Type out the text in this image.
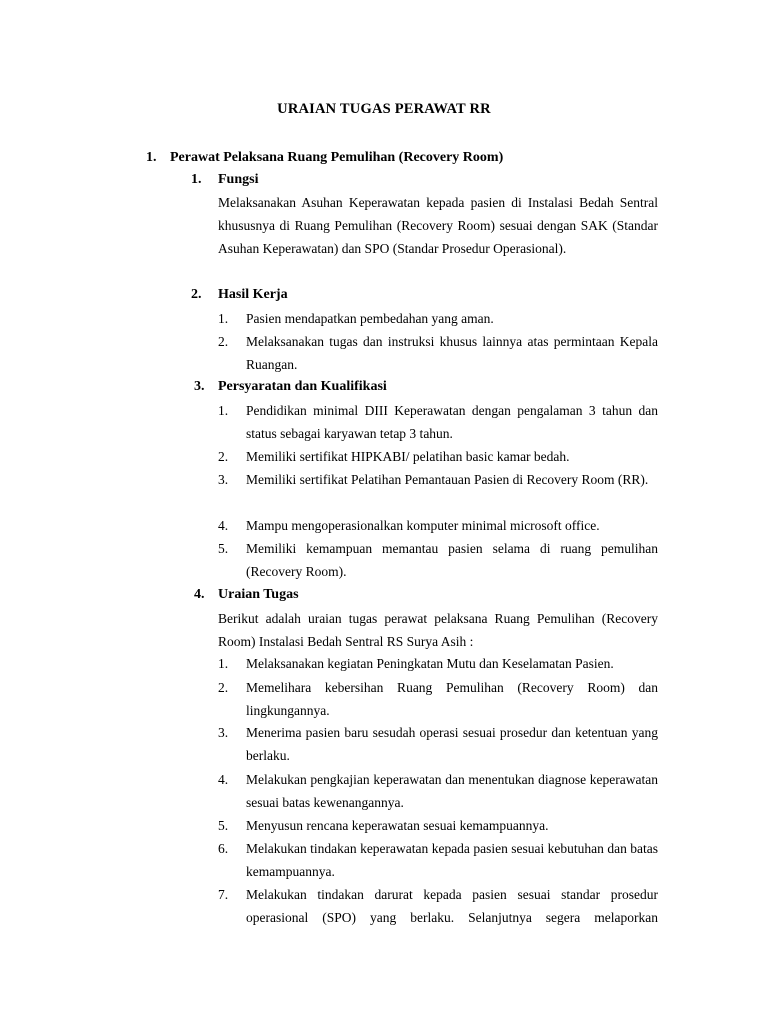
URAIAN TUGAS PERAWAT RR
1. Perawat Pelaksana Ruang Pemulihan (Recovery Room)
1. Fungsi
Melaksanakan Asuhan Keperawatan kepada pasien di Instalasi Bedah Sentral khususnya di Ruang Pemulihan (Recovery Room) sesuai dengan SAK (Standar Asuhan Keperawatan) dan SPO (Standar Prosedur Operasional).
2. Hasil Kerja
1.	Pasien mendapatkan pembedahan yang aman.
2.	Melaksanakan tugas dan instruksi khusus lainnya atas permintaan Kepala Ruangan.
3. Persyaratan dan Kualifikasi
1.	Pendidikan minimal DIII Keperawatan dengan pengalaman 3 tahun dan status sebagai karyawan tetap 3 tahun.
2.	Memiliki sertifikat HIPKABI/ pelatihan basic kamar bedah.
3.	Memiliki sertifikat Pelatihan Pemantauan Pasien di Recovery Room (RR).
4.	Mampu mengoperasionalkan komputer minimal microsoft office.
5.	Memiliki kemampuan memantau pasien selama di ruang pemulihan (Recovery Room).
4. Uraian Tugas
Berikut adalah uraian tugas perawat pelaksana Ruang Pemulihan (Recovery Room) Instalasi Bedah Sentral RS Surya Asih :
1.	Melaksanakan kegiatan Peningkatan Mutu dan Keselamatan Pasien.
2.	Memelihara kebersihan Ruang Pemulihan (Recovery Room) dan lingkungannya.
3.	Menerima pasien baru sesudah operasi sesuai prosedur dan ketentuan yang berlaku.
4.	Melakukan pengkajian keperawatan dan menentukan diagnose keperawatan sesuai batas kewenangannya.
5.	Menyusun rencana keperawatan sesuai kemampuannya.
6.	Melakukan tindakan keperawatan kepada pasien sesuai kebutuhan dan batas kemampuannya.
7.	Melakukan tindakan darurat kepada pasien sesuai standar prosedur operasional (SPO) yang berlaku. Selanjutnya segera melaporkan
